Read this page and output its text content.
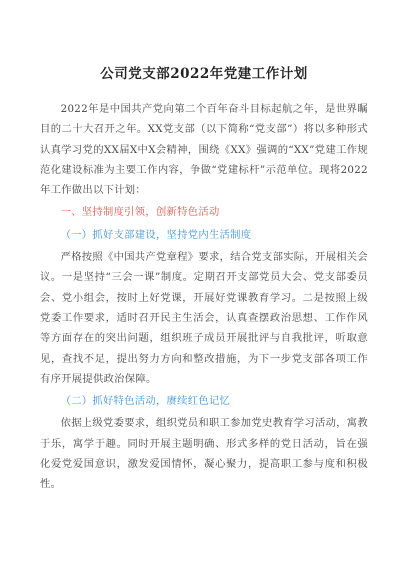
公司党支部2022年党建工作计划

2022年是中国共产党向第二个百年奋斗目标起航之年，是世界瞩目的二十大召开之年。XX党支部（以下简称“党支部”）将以多种形式认真学习党的XX届X中X会精神，围绕《XX》强调的“XX”党建工作规范化建设标准为主要工作内容，争做“党建标杆”示范单位。现将2022年工作做出以下计划：

一、坚持制度引领，创新特色活动

（一）抓好支部建设，坚持党内生活制度

严格按照《中国共产党章程》要求，结合党支部实际，开展相关会议。一是坚持“三会一课”制度。定期召开支部党员大会、党支部委员会、党小组会，按时上好党课，开展好党课教育学习。二是按照上级党委工作要求，适时召开民主生活会，认真查摆政治思想、工作作风等方面存在的突出问题，组织班子成员开展批评与自我批评，听取意见，查找不足，提出努力方向和整改措施，为下一步党支部各项工作有序开展提供政治保障。

（二）抓好特色活动，赓续红色记忆

依据上级党委要求，组织党员和职工参加党史教育学习活动，寓教于乐，寓学于趣。同时开展主题明确、形式多样的党日活动，旨在强化爱党爱国意识，激发爱国情怀，凝心聚力，提高职工参与度和积极性。
